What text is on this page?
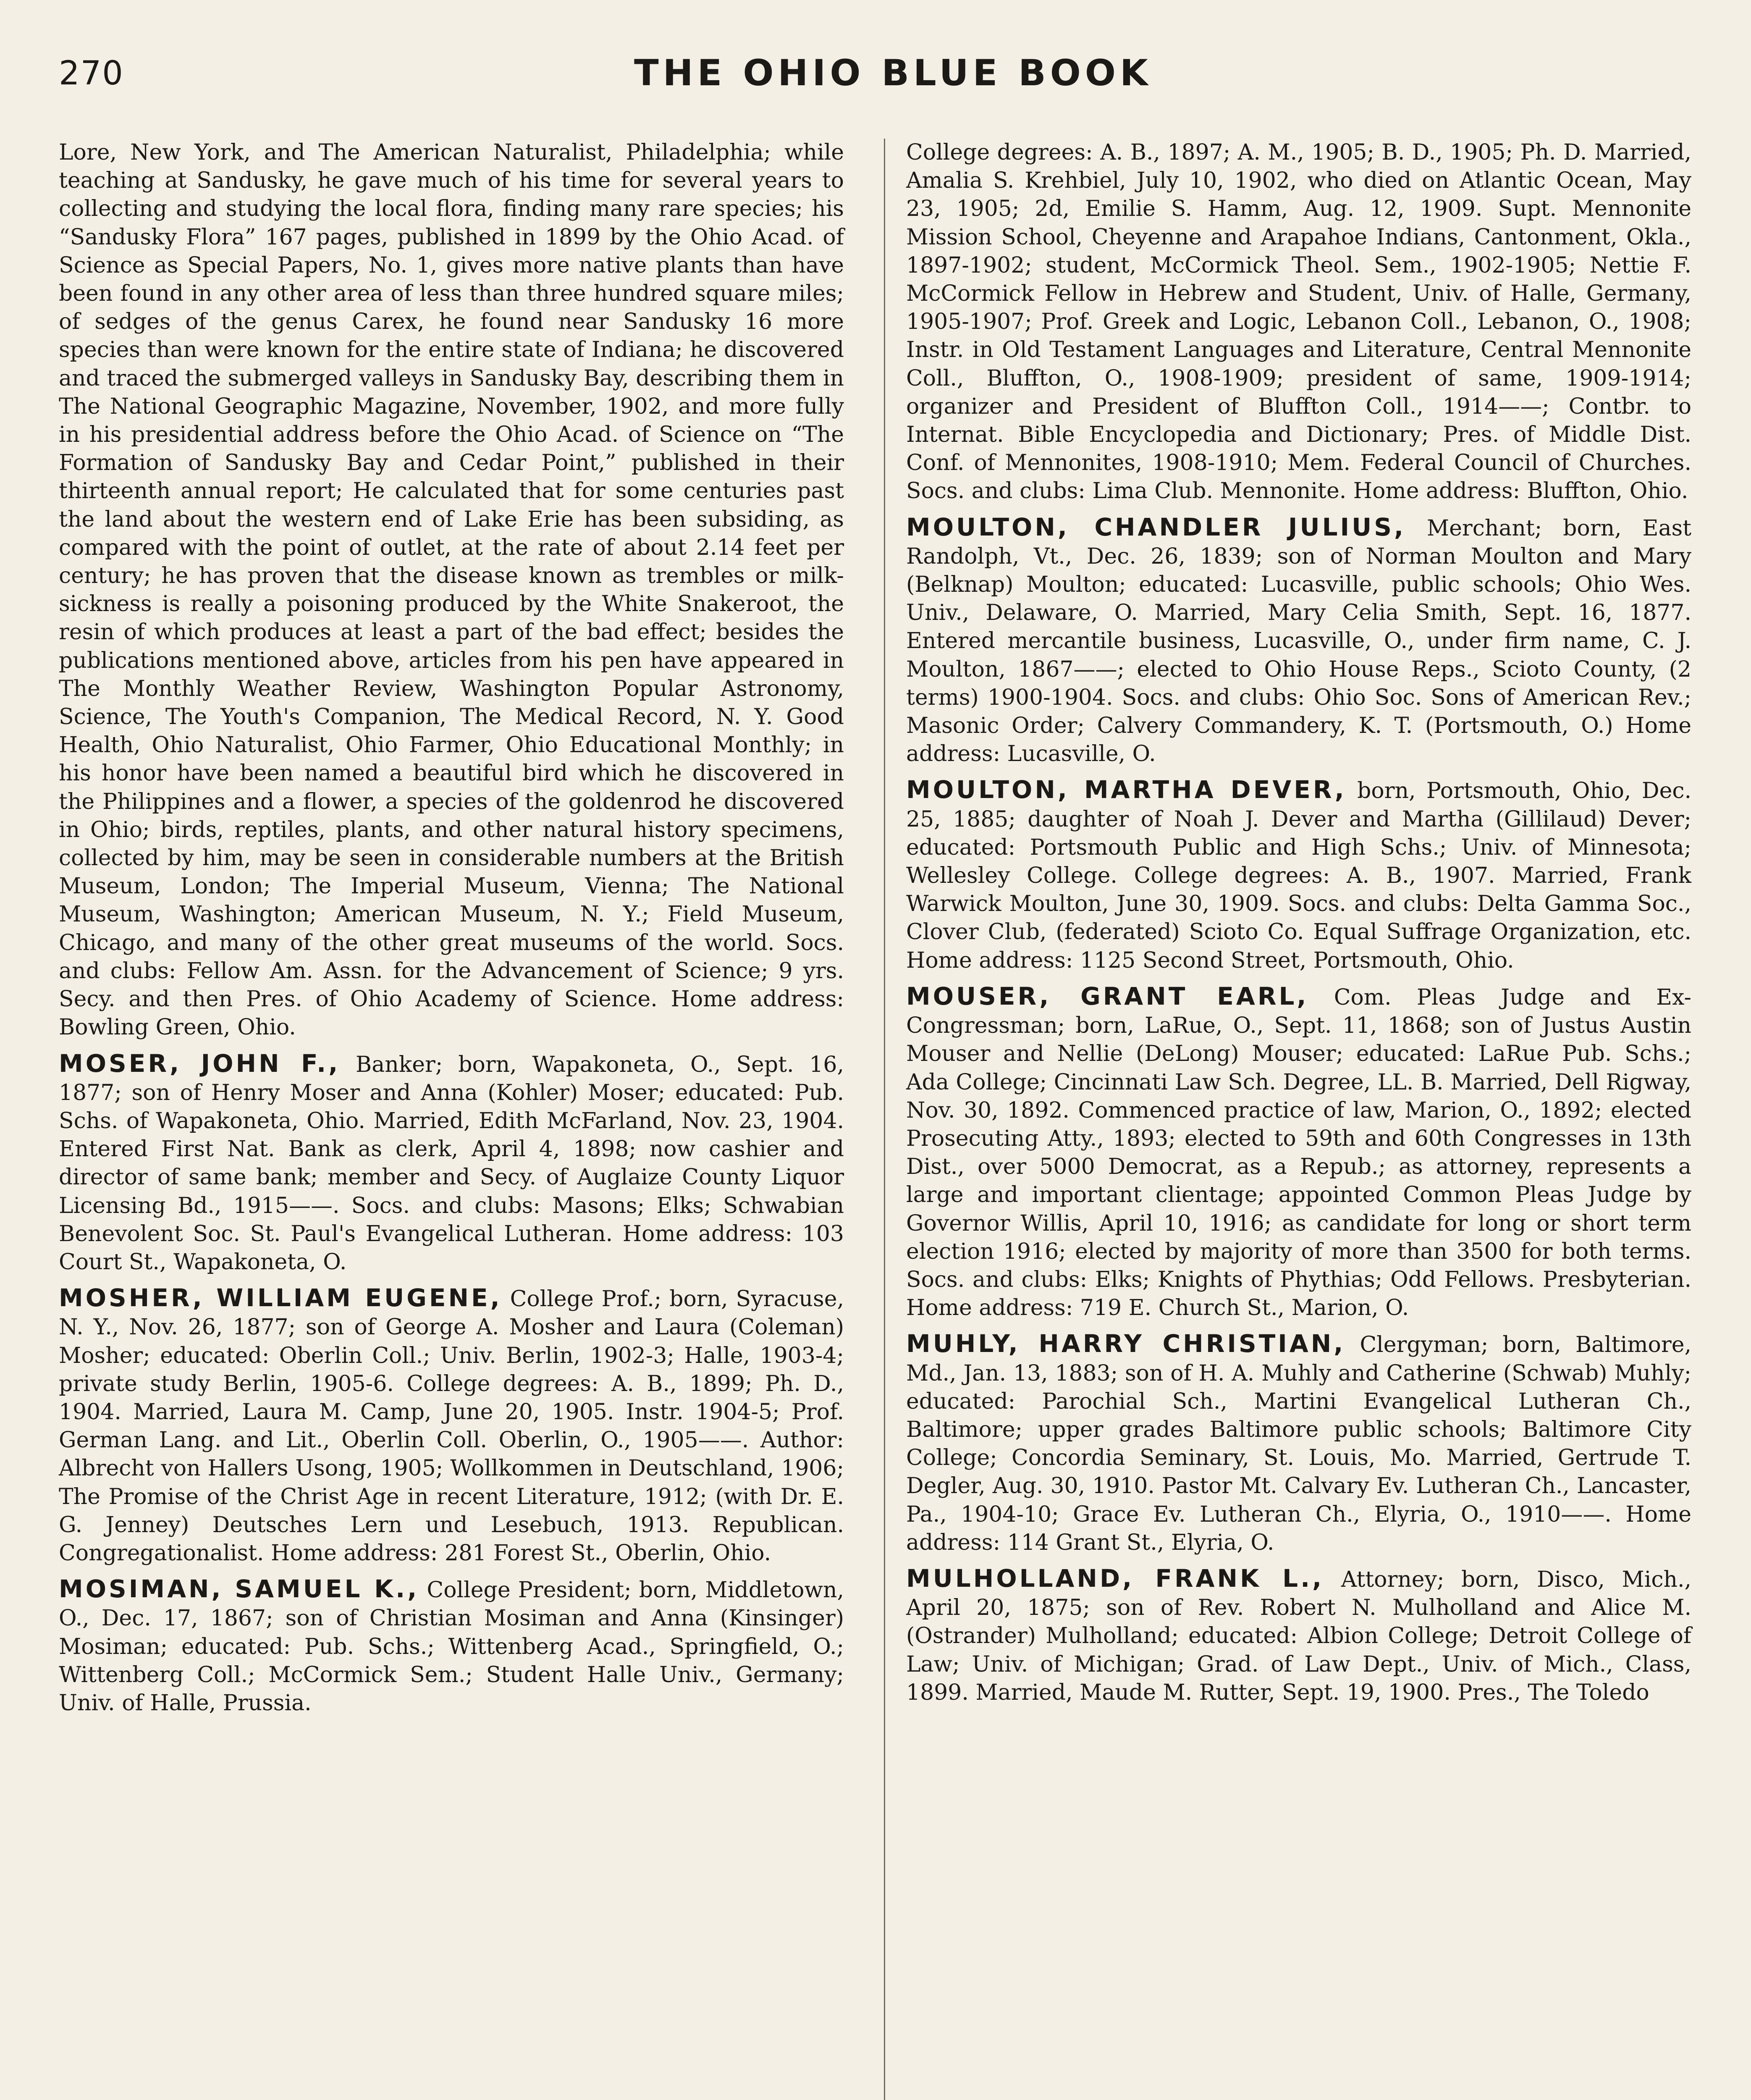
270	THE OHIO BLUE BOOK

Lore, New York, and The American Naturalist, Philadelphia; while teaching at Sandusky, he gave much of his time for several years to collecting and studying the local flora, finding many rare species; his “Sandusky Flora” 167 pages, published in 1899 by the Ohio Acad. of Science as Special Papers, No. 1, gives more native plants than have been found in any other area of less than three hundred square miles; of sedges of the genus Carex, he found near Sandusky 16 more species than were known for the entire state of Indiana; he discovered and traced the submerged valleys in Sandusky Bay, describing them in The National Geographic Magazine, November, 1902, and more fully in his presidential address before the Ohio Acad. of Science on “The Formation of Sandusky Bay and Cedar Point,” published in their thirteenth annual report; He calculated that for some centuries past the land about the western end of Lake Erie has been subsiding, as compared with the point of outlet, at the rate of about 2.14 feet per century; he has proven that the disease known as trembles or milk-sickness is really a poisoning produced by the White Snakeroot, the resin of which produces at least a part of the bad effect; besides the publications mentioned above, articles from his pen have appeared in The Monthly Weather Review, Washington Popular Astronomy, Science, The Youth's Companion, The Medical Record, N. Y. Good Health, Ohio Naturalist, Ohio Farmer, Ohio Educational Monthly; in his honor have been named a beautiful bird which he discovered in the Philippines and a flower, a species of the goldenrod he discovered in Ohio; birds, reptiles, plants, and other natural history specimens, collected by him, may be seen in considerable numbers at the British Museum, London; The Imperial Museum, Vienna; The National Museum, Washington; American Museum, N. Y.; Field Museum, Chicago, and many of the other great museums of the world. Socs. and clubs: Fellow Am. Assn. for the Advancement of Science; 9 yrs. Secy. and then Pres. of Ohio Academy of Science. Home address: Bowling Green, Ohio.

MOSER, JOHN F., Banker; born, Wapakoneta, O., Sept. 16, 1877; son of Henry Moser and Anna (Kohler) Moser; educated: Pub. Schs. of Wapakoneta, Ohio. Married, Edith McFarland, Nov. 23, 1904. Entered First Nat. Bank as clerk, April 4, 1898; now cashier and director of same bank; member and Secy. of Auglaize County Liquor Licensing Bd., 1915——. Socs. and clubs: Masons; Elks; Schwabian Benevolent Soc. St. Paul's Evangelical Lutheran. Home address: 103 Court St., Wapakoneta, O.

MOSHER, WILLIAM EUGENE, College Prof.; born, Syracuse, N. Y., Nov. 26, 1877; son of George A. Mosher and Laura (Coleman) Mosher; educated: Oberlin Coll.; Univ. Berlin, 1902-3; Halle, 1903-4; private study Berlin, 1905-6. College degrees: A. B., 1899; Ph. D., 1904. Married, Laura M. Camp, June 20, 1905. Instr. 1904-5; Prof. German Lang. and Lit., Oberlin Coll. Oberlin, O., 1905——. Author: Albrecht von Hallers Usong, 1905; Wollkommen in Deutschland, 1906; The Promise of the Christ Age in recent Literature, 1912; (with Dr. E. G. Jenney) Deutsches Lern und Lesebuch, 1913. Republican. Congregationalist. Home address: 281 Forest St., Oberlin, Ohio.

MOSIMAN, SAMUEL K., College President; born, Middletown, O., Dec. 17, 1867; son of Christian Mosiman and Anna (Kinsinger) Mosiman; educated: Pub. Schs.; Wittenberg Acad., Springfield, O.; Wittenberg Coll.; McCormick Sem.; Student Halle Univ., Germany; Univ. of Halle, Prussia.

College degrees: A. B., 1897; A. M., 1905; B. D., 1905; Ph. D. Married, Amalia S. Krehbiel, July 10, 1902, who died on Atlantic Ocean, May 23, 1905; 2d, Emilie S. Hamm, Aug. 12, 1909. Supt. Mennonite Mission School, Cheyenne and Arapahoe Indians, Cantonment, Okla., 1897-1902; student, McCormick Theol. Sem., 1902-1905; Nettie F. McCormick Fellow in Hebrew and Student, Univ. of Halle, Germany, 1905-1907; Prof. Greek and Logic, Lebanon Coll., Lebanon, O., 1908; Instr. in Old Testament Languages and Literature, Central Mennonite Coll., Bluffton, O., 1908-1909; president of same, 1909-1914; organizer and President of Bluffton Coll., 1914——; Contbr. to Internat. Bible Encyclopedia and Dictionary; Pres. of Middle Dist. Conf. of Mennonites, 1908-1910; Mem. Federal Council of Churches. Socs. and clubs: Lima Club. Mennonite. Home address: Bluffton, Ohio.

MOULTON, CHANDLER JULIUS, Merchant; born, East Randolph, Vt., Dec. 26, 1839; son of Norman Moulton and Mary (Belknap) Moulton; educated: Lucasville, public schools; Ohio Wes. Univ., Delaware, O. Married, Mary Celia Smith, Sept. 16, 1877. Entered mercantile business, Lucasville, O., under firm name, C. J. Moulton, 1867——; elected to Ohio House Reps., Scioto County, (2 terms) 1900-1904. Socs. and clubs: Ohio Soc. Sons of American Rev.; Masonic Order; Calvery Commandery, K. T. (Portsmouth, O.) Home address: Lucasville, O.

MOULTON, MARTHA DEVER, born, Portsmouth, Ohio, Dec. 25, 1885; daughter of Noah J. Dever and Martha (Gillilaud) Dever; educated: Portsmouth Public and High Schs.; Univ. of Minnesota; Wellesley College. College degrees: A. B., 1907. Married, Frank Warwick Moulton, June 30, 1909. Socs. and clubs: Delta Gamma Soc., Clover Club, (federated) Scioto Co. Equal Suffrage Organization, etc. Home address: 1125 Second Street, Portsmouth, Ohio.

MOUSER, GRANT EARL, Com. Pleas Judge and Ex-Congressman; born, LaRue, O., Sept. 11, 1868; son of Justus Austin Mouser and Nellie (DeLong) Mouser; educated: LaRue Pub. Schs.; Ada College; Cincinnati Law Sch. Degree, LL. B. Married, Dell Rigway, Nov. 30, 1892. Commenced practice of law, Marion, O., 1892; elected Prosecuting Atty., 1893; elected to 59th and 60th Congresses in 13th Dist., over 5000 Democrat, as a Repub.; as attorney, represents a large and important clientage; appointed Common Pleas Judge by Governor Willis, April 10, 1916; as candidate for long or short term election 1916; elected by majority of more than 3500 for both terms. Socs. and clubs: Elks; Knights of Phythias; Odd Fellows. Presbyterian. Home address: 719 E. Church St., Marion, O.

MUHLY, HARRY CHRISTIAN, Clergyman; born, Baltimore, Md., Jan. 13, 1883; son of H. A. Muhly and Catherine (Schwab) Muhly; educated: Parochial Sch., Martini Evangelical Lutheran Ch., Baltimore; upper grades Baltimore public schools; Baltimore City College; Concordia Seminary, St. Louis, Mo. Married, Gertrude T. Degler, Aug. 30, 1910. Pastor Mt. Calvary Ev. Lutheran Ch., Lancaster, Pa., 1904-10; Grace Ev. Lutheran Ch., Elyria, O., 1910——. Home address: 114 Grant St., Elyria, O.

MULHOLLAND, FRANK L., Attorney; born, Disco, Mich., April 20, 1875; son of Rev. Robert N. Mulholland and Alice M. (Ostrander) Mulholland; educated: Albion College; Detroit College of Law; Univ. of Michigan; Grad. of Law Dept., Univ. of Mich., Class, 1899. Married, Maude M. Rutter, Sept. 19, 1900. Pres., The Toledo
